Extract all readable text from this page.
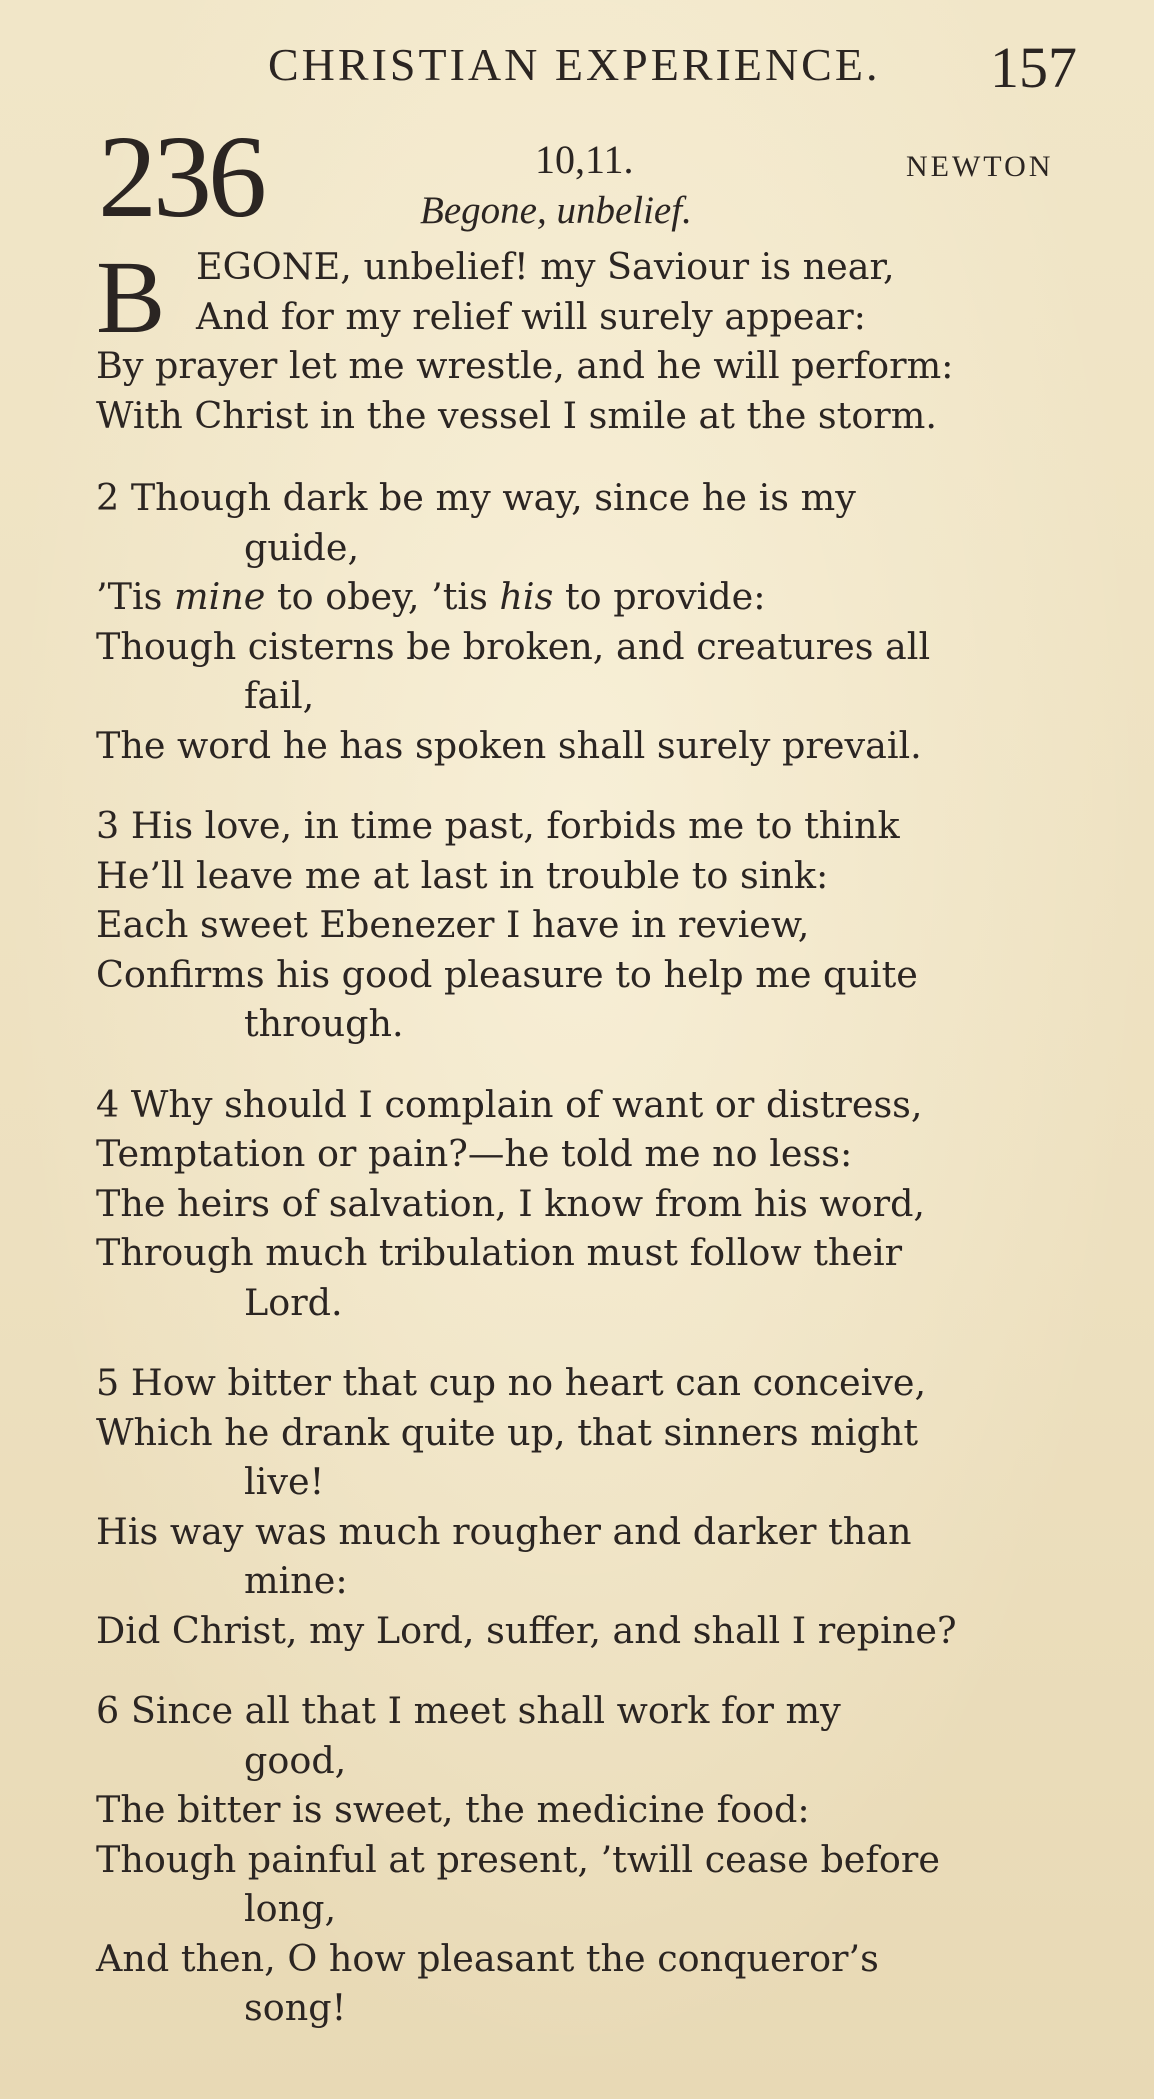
CHRISTIAN EXPERIENCE. 157
236	10,11.	NEWTON
Begone, unbelief.
B EGONE, unbelief! my Saviour is near,
And for my relief will surely appear:
By prayer let me wrestle, and he will perform:
With Christ in the vessel I smile at the storm.
2 Though dark be my way, since he is my
guide,
’Tis mine to obey, ’tis his to provide:
Though cisterns be broken, and creatures all
fail,
The word he has spoken shall surely prevail.
3 His love, in time past, forbids me to think
He’ll leave me at last in trouble to sink:
Each sweet Ebenezer I have in review,
Confirms his good pleasure to help me quite
through.
4 Why should I complain of want or distress,
Temptation or pain?—he told me no less:
The heirs of salvation, I know from his word,
Through much tribulation must follow their
Lord.
5 How bitter that cup no heart can conceive,
Which he drank quite up, that sinners might
live!
His way was much rougher and darker than
mine:
Did Christ, my Lord, suffer, and shall I repine?
6 Since all that I meet shall work for my
good,
The bitter is sweet, the medicine food:
Though painful at present, ’twill cease before
long,
And then, O how pleasant the conqueror’s
song!
